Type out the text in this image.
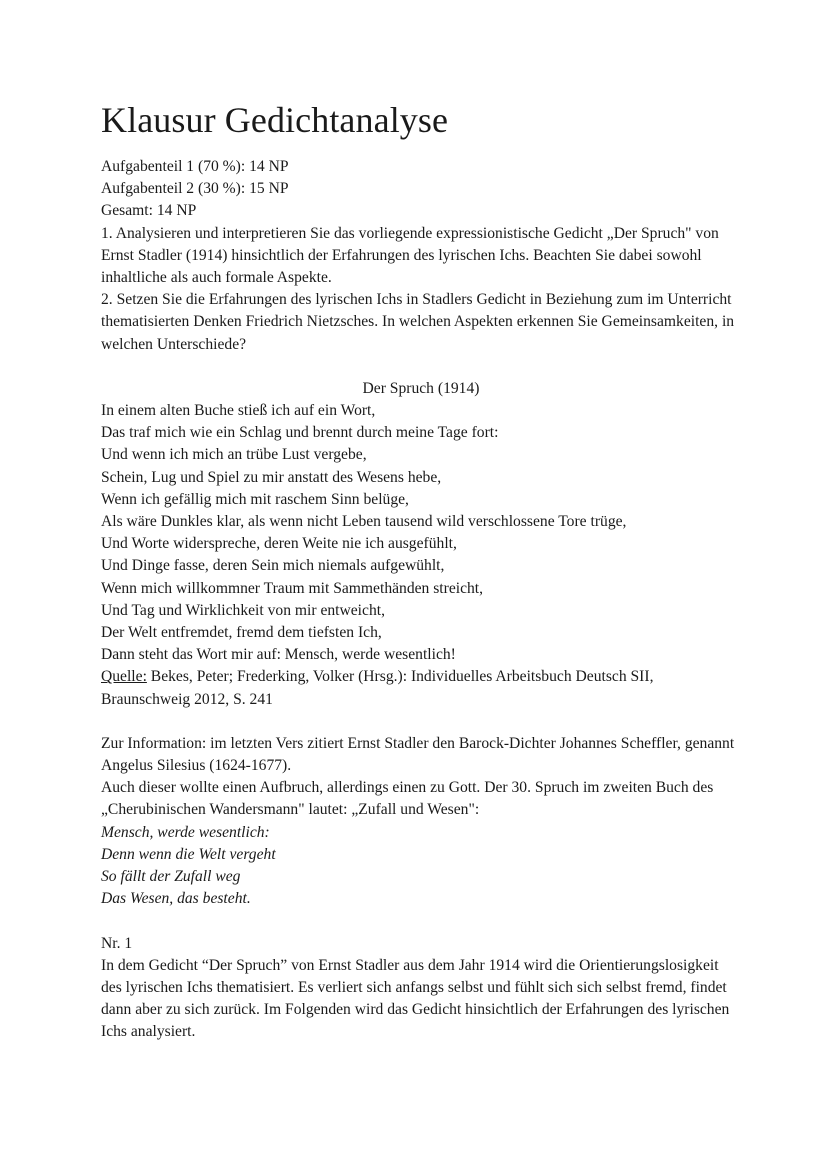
Klausur Gedichtanalyse
Aufgabenteil 1 (70 %): 14 NP
Aufgabenteil 2 (30 %): 15 NP
Gesamt: 14 NP
1. Analysieren und interpretieren Sie das vorliegende expressionistische Gedicht „Der Spruch" von Ernst Stadler (1914) hinsichtlich der Erfahrungen des lyrischen Ichs. Beachten Sie dabei sowohl inhaltliche als auch formale Aspekte.
2. Setzen Sie die Erfahrungen des lyrischen Ichs in Stadlers Gedicht in Beziehung zum im Unterricht thematisierten Denken Friedrich Nietzsches. In welchen Aspekten erkennen Sie Gemeinsamkeiten, in welchen Unterschiede?
Der Spruch (1914)
In einem alten Buche stieß ich auf ein Wort,
Das traf mich wie ein Schlag und brennt durch meine Tage fort:
Und wenn ich mich an trübe Lust vergebe,
Schein, Lug und Spiel zu mir anstatt des Wesens hebe,
Wenn ich gefällig mich mit raschem Sinn belüge,
Als wäre Dunkles klar, als wenn nicht Leben tausend wild verschlossene Tore trüge,
Und Worte widerspreche, deren Weite nie ich ausgefühlt,
Und Dinge fasse, deren Sein mich niemals aufgewühlt,
Wenn mich willkommner Traum mit Sammethänden streicht,
Und Tag und Wirklichkeit von mir entweicht,
Der Welt entfremdet, fremd dem tiefsten Ich,
Dann steht das Wort mir auf: Mensch, werde wesentlich!
Quelle: Bekes, Peter; Frederking, Volker (Hrsg.): Individuelles Arbeitsbuch Deutsch SII, Braunschweig 2012, S. 241
Zur Information: im letzten Vers zitiert Ernst Stadler den Barock-Dichter Johannes Scheffler, genannt Angelus Silesius (1624-1677).
Auch dieser wollte einen Aufbruch, allerdings einen zu Gott. Der 30. Spruch im zweiten Buch des „Cherubinischen Wandersmann" lautet: „Zufall und Wesen":
Mensch, werde wesentlich:
Denn wenn die Welt vergeht
So fällt der Zufall weg
Das Wesen, das besteht.
Nr. 1
In dem Gedicht “Der Spruch” von Ernst Stadler aus dem Jahr 1914 wird die Orientierungslosigkeit des lyrischen Ichs thematisiert. Es verliert sich anfangs selbst und fühlt sich sich selbst fremd, findet dann aber zu sich zurück. Im Folgenden wird das Gedicht hinsichtlich der Erfahrungen des lyrischen Ichs analysiert.
